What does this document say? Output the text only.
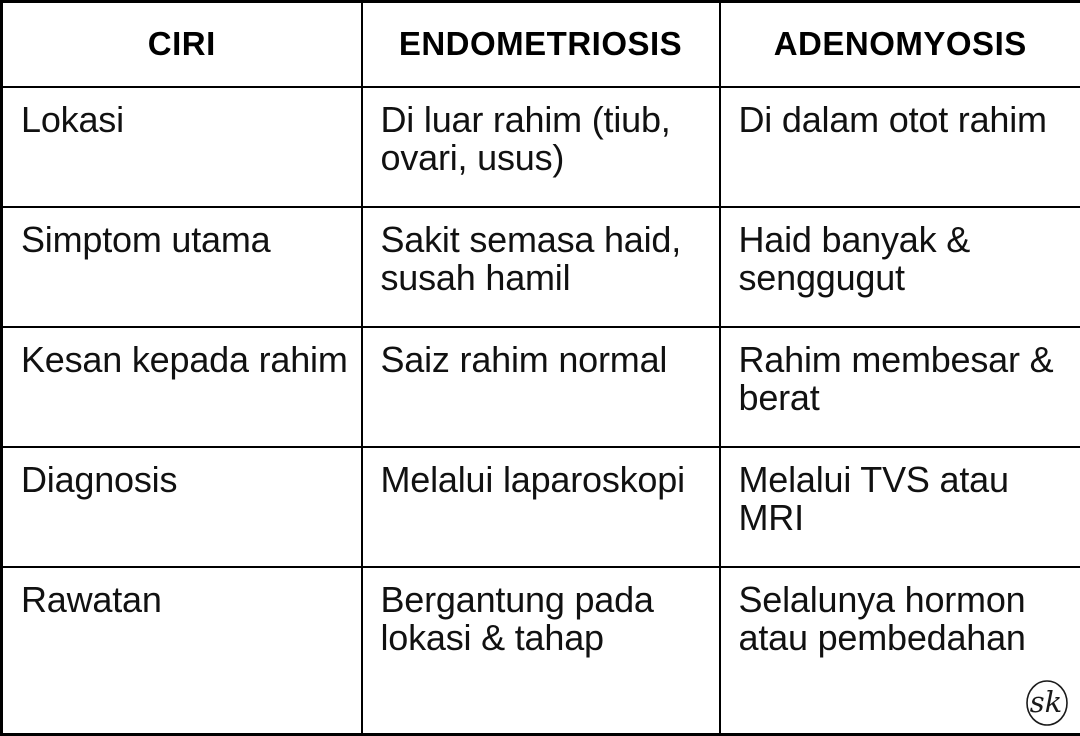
CIRI	ENDOMETRIOSIS	ADENOMYOSIS
Lokasi	Di luar rahim (tiub, ovari, usus)	Di dalam otot rahim
Simptom utama	Sakit semasa haid, susah hamil	Haid banyak & senggugut
Kesan kepada rahim	Saiz rahim normal	Rahim membesar & berat
Diagnosis	Melalui laparoskopi	Melalui TVS atau MRI
Rawatan	Bergantung pada lokasi & tahap	Selalunya hormon atau pembedahan
sk
